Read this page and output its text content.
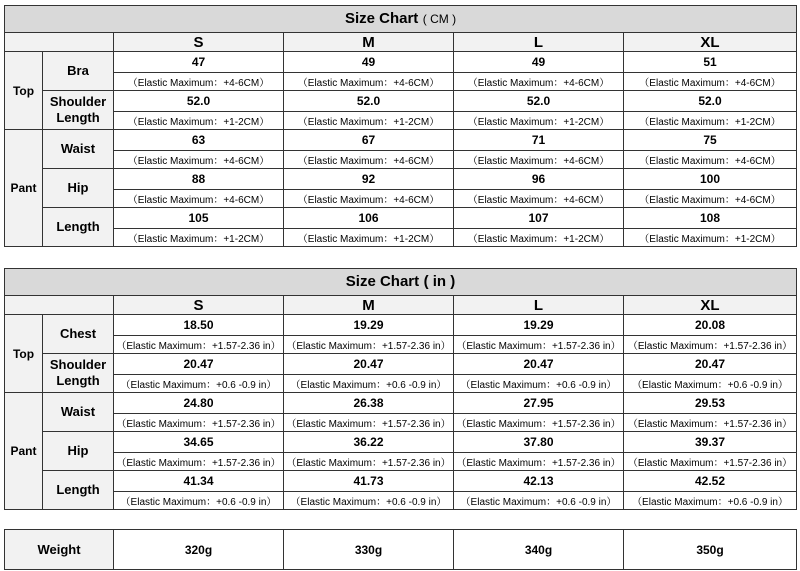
Size Chart ( CM )					
		S	M	L	XL
Top	Bra	47	49	49	51
		（Elastic Maximum：+4-6CM）	（Elastic Maximum：+4-6CM）	（Elastic Maximum：+4-6CM）	（Elastic Maximum：+4-6CM）
	Shoulder Length	52.0	52.0	52.0	52.0
		（Elastic Maximum：+1-2CM）	（Elastic Maximum：+1-2CM）	（Elastic Maximum：+1-2CM）	（Elastic Maximum：+1-2CM）
Pant	Waist	63	67	71	75
		（Elastic Maximum：+4-6CM）	（Elastic Maximum：+4-6CM）	（Elastic Maximum：+4-6CM）	（Elastic Maximum：+4-6CM）
	Hip	88	92	96	100
		（Elastic Maximum：+4-6CM）	（Elastic Maximum：+4-6CM）	（Elastic Maximum：+4-6CM）	（Elastic Maximum：+4-6CM）
	Length	105	106	107	108
		（Elastic Maximum：+1-2CM）	（Elastic Maximum：+1-2CM）	（Elastic Maximum：+1-2CM）	（Elastic Maximum：+1-2CM）
Size Chart ( in )					
		S	M	L	XL
Top	Chest	18.50	19.29	19.29	20.08
		（Elastic Maximum：+1.57-2.36 in）	（Elastic Maximum：+1.57-2.36 in）	（Elastic Maximum：+1.57-2.36 in）	（Elastic Maximum：+1.57-2.36 in）
	Shoulder Length	20.47	20.47	20.47	20.47
		（Elastic Maximum：+0.6 -0.9 in）	（Elastic Maximum：+0.6 -0.9 in）	（Elastic Maximum：+0.6 -0.9 in）	（Elastic Maximum：+0.6 -0.9 in）
Pant	Waist	24.80	26.38	27.95	29.53
		（Elastic Maximum：+1.57-2.36 in）	（Elastic Maximum：+1.57-2.36 in）	（Elastic Maximum：+1.57-2.36 in）	（Elastic Maximum：+1.57-2.36 in）
	Hip	34.65	36.22	37.80	39.37
		（Elastic Maximum：+1.57-2.36 in）	（Elastic Maximum：+1.57-2.36 in）	（Elastic Maximum：+1.57-2.36 in）	（Elastic Maximum：+1.57-2.36 in）
	Length	41.34	41.73	42.13	42.52
		（Elastic Maximum：+0.6 -0.9 in）	（Elastic Maximum：+0.6 -0.9 in）	（Elastic Maximum：+0.6 -0.9 in）	（Elastic Maximum：+0.6 -0.9 in）
Weight	320g	330g	340g	350g
